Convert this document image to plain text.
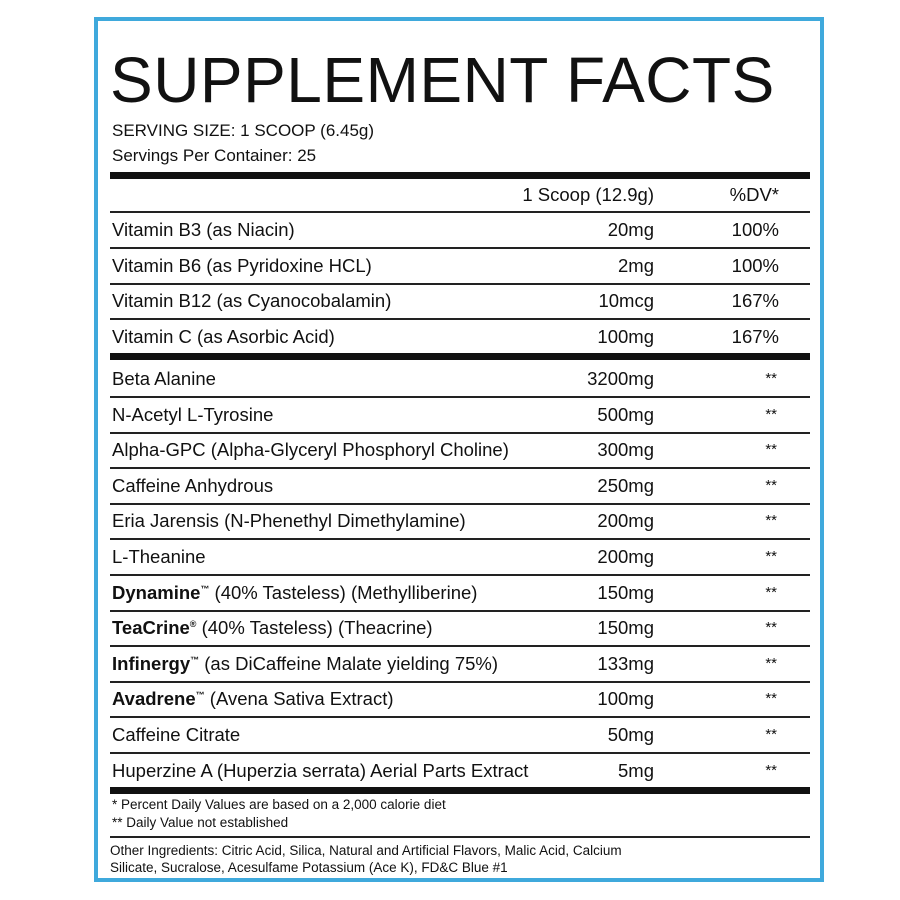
SUPPLEMENT FACTS
SERVING SIZE: 1 SCOOP (6.45g)
Servings Per Container: 25
1 Scoop (12.9g)	%DV*
Vitamin B3 (as Niacin)	20mg	100%
Vitamin B6 (as Pyridoxine HCL)	2mg	100%
Vitamin B12 (as Cyanocobalamin)	10mcg	167%
Vitamin C (as Asorbic Acid)	100mg	167%
Beta Alanine	3200mg	**
N-Acetyl L-Tyrosine	500mg	**
Alpha-GPC (Alpha-Glyceryl Phosphoryl Choline)	300mg	**
Caffeine Anhydrous	250mg	**
Eria Jarensis (N-Phenethyl Dimethylamine)	200mg	**
L-Theanine	200mg	**
Dynamine™ (40% Tasteless) (Methylliberine)	150mg	**
TeaCrine® (40% Tasteless) (Theacrine)	150mg	**
Infinergy™ (as DiCaffeine Malate yielding 75%)	133mg	**
Avadrene™ (Avena Sativa Extract)	100mg	**
Caffeine Citrate	50mg	**
Huperzine A (Huperzia serrata) Aerial Parts Extract	5mg	**
* Percent Daily Values are based on a 2,000 calorie diet
** Daily Value not established
Other Ingredients: Citric Acid, Silica, Natural and Artificial Flavors, Malic Acid, Calcium Silicate, Sucralose, Acesulfame Potassium (Ace K), FD&C Blue #1
